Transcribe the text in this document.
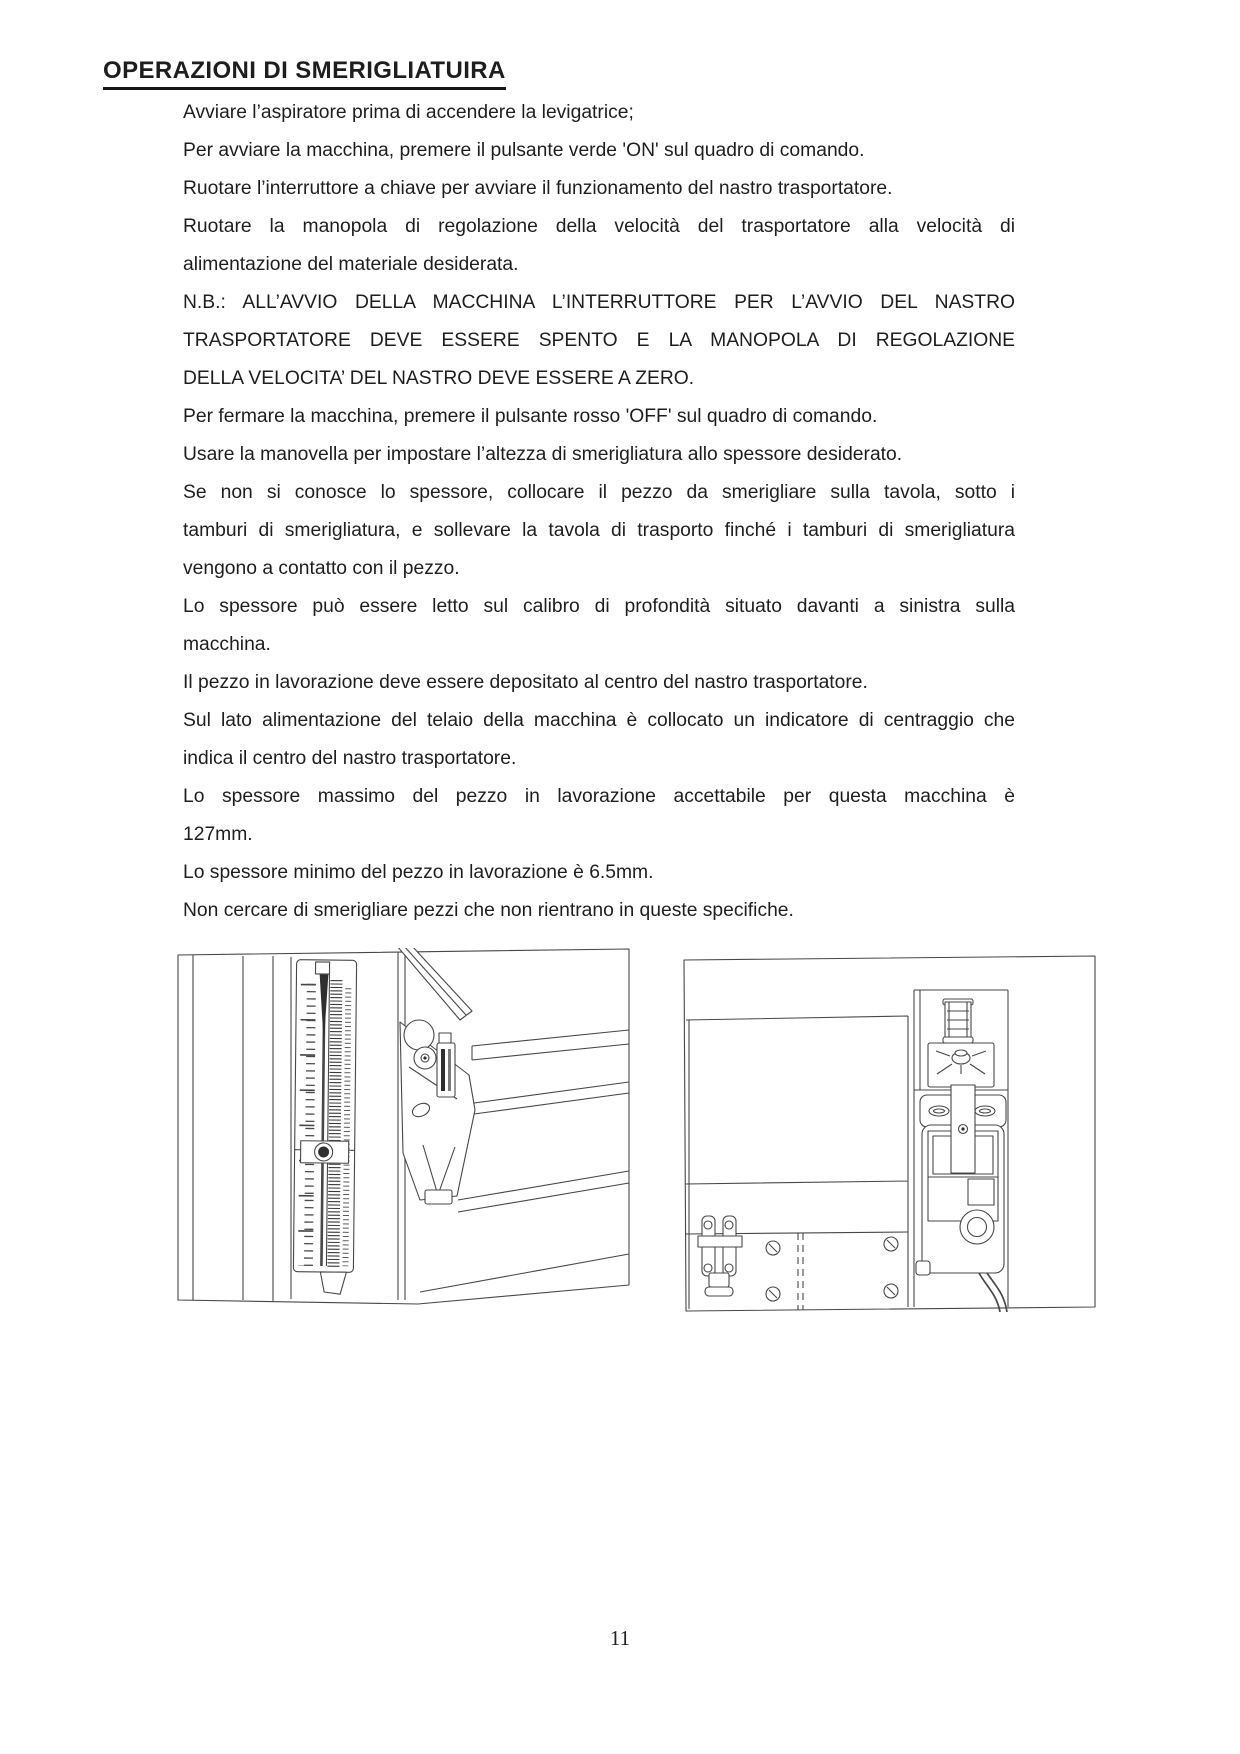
OPERAZIONI DI SMERIGLIATUIRA
Avviare l’aspiratore prima di accendere la levigatrice;
Per avviare la macchina, premere il pulsante verde 'ON' sul quadro di comando.
Ruotare l’interruttore a chiave per avviare il funzionamento del nastro trasportatore.
Ruotare la manopola di regolazione della velocità del trasportatore alla velocità di
alimentazione del materiale desiderata.
N.B.: ALL’AVVIO DELLA MACCHINA L’INTERRUTTORE PER L’AVVIO DEL NASTRO
TRASPORTATORE DEVE ESSERE SPENTO E LA MANOPOLA DI REGOLAZIONE
DELLA VELOCITA’ DEL NASTRO DEVE ESSERE A ZERO.
Per fermare la macchina, premere il pulsante rosso 'OFF' sul quadro di comando.
Usare la manovella per impostare l’altezza di smerigliatura allo spessore desiderato.
Se non si conosce lo spessore, collocare il pezzo da smerigliare sulla tavola, sotto i
tamburi di smerigliatura, e sollevare la tavola di trasporto finché i tamburi di smerigliatura
vengono a contatto con il pezzo.
Lo spessore può essere letto sul calibro di profondità situato davanti a sinistra sulla
macchina.
Il pezzo in lavorazione deve essere depositato al centro del nastro trasportatore.
Sul lato alimentazione del telaio della macchina è collocato un indicatore di centraggio che
indica il centro del nastro trasportatore.
Lo spessore massimo del pezzo in lavorazione accettabile per questa macchina è
127mm.
Lo spessore minimo del pezzo in lavorazione è 6.5mm.
Non cercare di smerigliare pezzi che non rientrano in queste specifiche.
11
